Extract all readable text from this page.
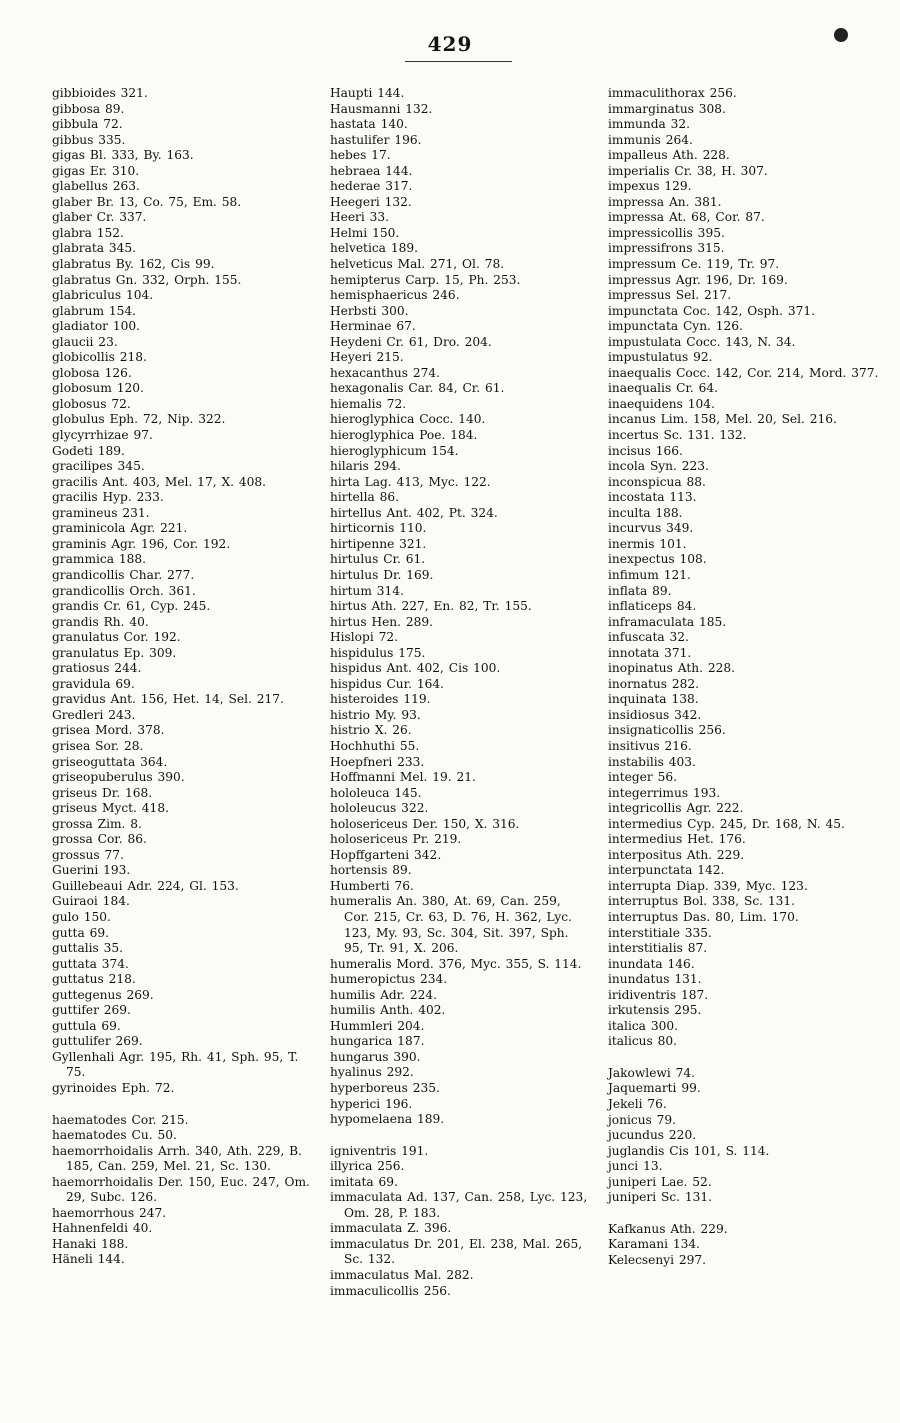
429
gibbioides 321.
gibbosa 89.
gibbula 72.
gibbus 335.
gigas Bl. 333, By. 163.
gigas Er. 310.
glabellus 263.
glaber Br. 13, Co. 75, Em. 58.
glaber Cr. 337.
glabra 152.
glabrata 345.
glabratus By. 162, Cis 99.
glabratus Gn. 332, Orph. 155.
glabriculus 104.
glabrum 154.
gladiator 100.
glaucii 23.
globicollis 218.
globosa 126.
globosum 120.
globosus 72.
globulus Eph. 72, Nip. 322.
glycyrrhizae 97.
Godeti 189.
gracilipes 345.
gracilis Ant. 403, Mel. 17, X. 408.
gracilis Hyp. 233.
gramineus 231.
graminicola Agr. 221.
graminis Agr. 196, Cor. 192.
grammica 188.
grandicollis Char. 277.
grandicollis Orch. 361.
grandis Cr. 61, Cyp. 245.
grandis Rh. 40.
granulatus Cor. 192.
granulatus Ep. 309.
gratiosus 244.
gravidula 69.
gravidus Ant. 156, Het. 14, Sel. 217.
Gredleri 243.
grisea Mord. 378.
grisea Sor. 28.
griseoguttata 364.
griseopuberulus 390.
griseus Dr. 168.
griseus Myct. 418.
grossa Zim. 8.
grossa Cor. 86.
grossus 77.
Guerini 193.
Guillebeaui Adr. 224, Gl. 153.
Guiraoi 184.
gulo 150.
gutta 69.
guttalis 35.
guttata 374.
guttatus 218.
guttegenus 269.
guttifer 269.
guttula 69.
guttulifer 269.
Gyllenhali Agr. 195, Rh. 41, Sph. 95, T. 75.
gyrinoides Eph. 72.
haematodes Cor. 215.
haematodes Cu. 50.
haemorrhoidalis Arrh. 340, Ath. 229, B. 185, Can. 259, Mel. 21, Sc. 130.
haemorrhoidalis Der. 150, Euc. 247, Om. 29, Subc. 126.
haemorrhous 247.
Hahnenfeldi 40.
Hanaki 188.
Häneli 144.
Haupti 144.
Hausmanni 132.
hastata 140.
hastulifer 196.
hebes 17.
hebraea 144.
hederae 317.
Heegeri 132.
Heeri 33.
Helmi 150.
helvetica 189.
helveticus Mal. 271, Ol. 78.
hemipterus Carp. 15, Ph. 253.
hemisphaericus 246.
Herbsti 300.
Herminae 67.
Heydeni Cr. 61, Dro. 204.
Heyeri 215.
hexacanthus 274.
hexagonalis Car. 84, Cr. 61.
hiemalis 72.
hieroglyphica Cocc. 140.
hieroglyphica Poe. 184.
hieroglyphicum 154.
hilaris 294.
hirta Lag. 413, Myc. 122.
hirtella 86.
hirtellus Ant. 402, Pt. 324.
hirticornis 110.
hirtipenne 321.
hirtulus Cr. 61.
hirtulus Dr. 169.
hirtum 314.
hirtus Ath. 227, En. 82, Tr. 155.
hirtus Hen. 289.
Hislopi 72.
hispidulus 175.
hispidus Ant. 402, Cis 100.
hispidus Cur. 164.
histeroides 119.
histrio My. 93.
histrio X. 26.
Hochhuthi 55.
Hoepfneri 233.
Hoffmanni Mel. 19. 21.
hololeuca 145.
hololeucus 322.
holosericeus Der. 150, X. 316.
holosericeus Pr. 219.
Hopffgarteni 342.
hortensis 89.
Humberti 76.
humeralis An. 380, At. 69, Can. 259, Cor. 215, Cr. 63, D. 76, H. 362, Lyc. 123, My. 93, Sc. 304, Sit. 397, Sph. 95, Tr. 91, X. 206.
humeralis Mord. 376, Myc. 355, S. 114.
humeropictus 234.
humilis Adr. 224.
humilis Anth. 402.
Hummleri 204.
hungarica 187.
hungarus 390.
hyalinus 292.
hyperboreus 235.
hyperici 196.
hypomelaena 189.
igniventris 191.
illyrica 256.
imitata 69.
immaculata Ad. 137, Can. 258, Lyc. 123, Om. 28, P. 183.
immaculata Z. 396.
immaculatus Dr. 201, El. 238, Mal. 265, Sc. 132.
immaculatus Mal. 282.
immaculicollis 256.
immaculithorax 256.
immarginatus 308.
immunda 32.
immunis 264.
impalleus Ath. 228.
imperialis Cr. 38, H. 307.
impexus 129.
impressa An. 381.
impressa At. 68, Cor. 87.
impressicollis 395.
impressifrons 315.
impressum Ce. 119, Tr. 97.
impressus Agr. 196, Dr. 169.
impressus Sel. 217.
impunctata Coc. 142, Osph. 371.
impunctata Cyn. 126.
impustulata Cocc. 143, N. 34.
impustulatus 92.
inaequalis Cocc. 142, Cor. 214, Mord. 377.
inaequalis Cr. 64.
inaequidens 104.
incanus Lim. 158, Mel. 20, Sel. 216.
incertus Sc. 131. 132.
incisus 166.
incola Syn. 223.
inconspicua 88.
incostata 113.
inculta 188.
incurvus 349.
inermis 101.
inexpectus 108.
infimum 121.
inflata 89.
inflaticeps 84.
inframaculata 185.
infuscata 32.
innotata 371.
inopinatus Ath. 228.
inornatus 282.
inquinata 138.
insidiosus 342.
insignaticollis 256.
insitivus 216.
instabilis 403.
integer 56.
integerrimus 193.
integricollis Agr. 222.
intermedius Cyp. 245, Dr. 168, N. 45.
intermedius Het. 176.
interpositus Ath. 229.
interpunctata 142.
interrupta Diap. 339, Myc. 123.
interruptus Bol. 338, Sc. 131.
interruptus Das. 80, Lim. 170.
interstitiale 335.
interstitialis 87.
inundata 146.
inundatus 131.
iridiventris 187.
irkutensis 295.
italica 300.
italicus 80.
Jakowlewi 74.
Jaquemarti 99.
Jekeli 76.
jonicus 79.
jucundus 220.
juglandis Cis 101, S. 114.
junci 13.
juniperi Lae. 52.
juniperi Sc. 131.
Kafkanus Ath. 229.
Karamani 134.
Kelecsenyi 297.
